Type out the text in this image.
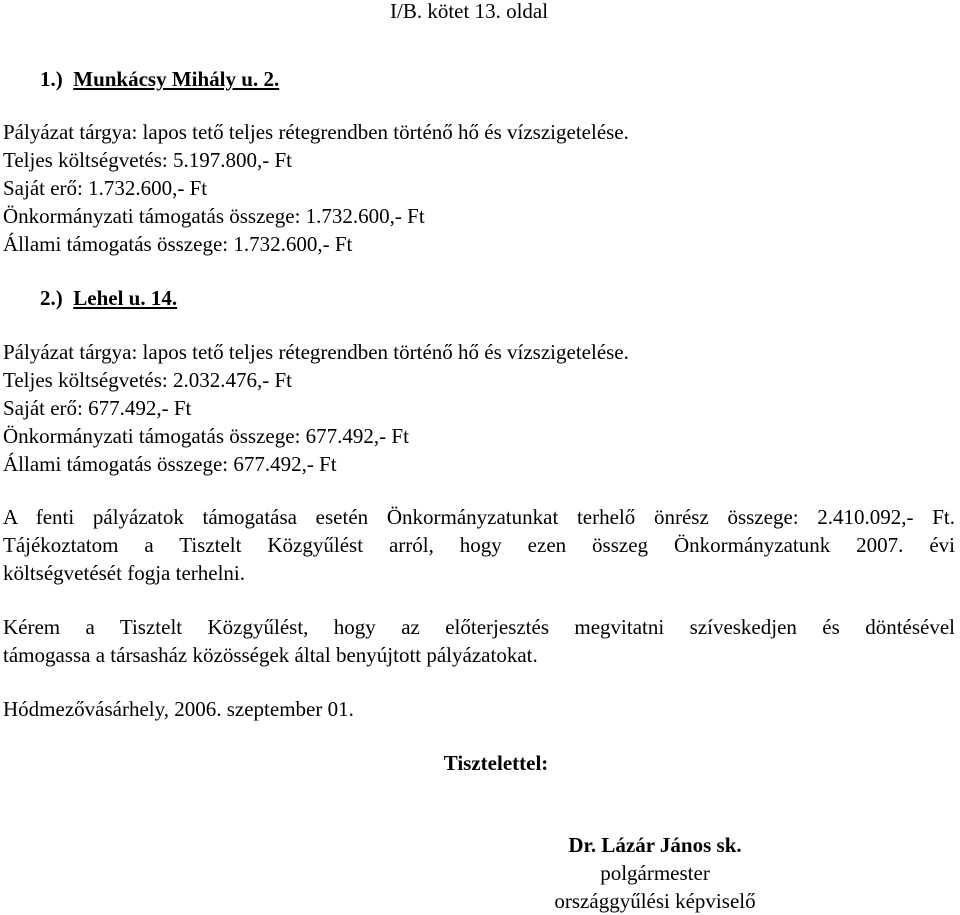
I/B. kötet 13. oldal
1.) Munkácsy Mihály u. 2.
Pályázat tárgya: lapos tető teljes rétegrendben történő hő és vízszigetelése.
Teljes költségvetés: 5.197.800,- Ft
Saját erő: 1.732.600,- Ft
Önkormányzati támogatás összege: 1.732.600,- Ft
Állami támogatás összege: 1.732.600,- Ft
2.) Lehel u. 14.
Pályázat tárgya: lapos tető teljes rétegrendben történő hő és vízszigetelése.
Teljes költségvetés: 2.032.476,- Ft
Saját erő: 677.492,- Ft
Önkormányzati támogatás összege: 677.492,- Ft
Állami támogatás összege: 677.492,- Ft
A fenti pályázatok támogatása esetén Önkormányzatunkat terhelő önrész összege: 2.410.092,- Ft.
Tájékoztatom a Tisztelt Közgyűlést arról, hogy ezen összeg Önkormányzatunk 2007. évi
költségvetését fogja terhelni.
Kérem a Tisztelt Közgyűlést, hogy az előterjesztés megvitatni szíveskedjen és döntésével
támogassa a társasház közösségek által benyújtott pályázatokat.
Hódmezővásárhely, 2006. szeptember 01.
Tisztelettel:
Dr. Lázár János sk.
polgármester
országgyűlési képviselő
